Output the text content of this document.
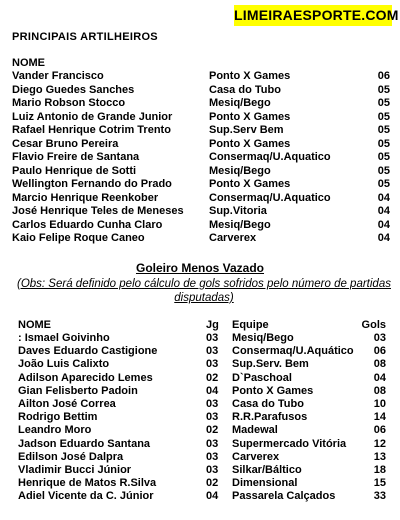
LIMEIRAESPORTE.COM
PRINCIPAIS ARTILHEIROS
NOME
Vander Francisco	Ponto X Games	06
Diego Guedes Sanches	Casa do Tubo	05
Mario Robson Stocco	Mesiq/Bego	05
Luiz Antonio de Grande Junior	Ponto X Games	05
Rafael Henrique Cotrim Trento	Sup.Serv Bem	05
Cesar Bruno Pereira	Ponto X Games	05
Flavio Freire de Santana	Consermaq/U.Aquatico	05
Paulo Henrique de Sotti	Mesiq/Bego	05
Wellington Fernando do Prado	Ponto X Games	05
Marcio Henrique Reenkober	Consermaq/U.Aquatico	04
José Henrique Teles de Meneses Sup.Vitoria	04
Carlos Eduardo Cunha Claro	Mesiq/Bego	04
Kaio Felipe Roque Caneo	Carverex	04
Goleiro Menos Vazado
(Obs: Será definido pelo cálculo de gols sofridos pelo número de partidas disputadas)
NOME	Jg Equipe	Gols
: Ismael Goivinho	03 Mesiq/Bego	03
Daves Eduardo Castigione	03 Consermaq/U.Aquático 06
João Luis Calixto	03 Sup.Serv. Bem	08
Adilson Aparecido Lemes	02 D`Paschoal	04
Gian Felisberto Padoin	04 Ponto X Games	08
Ailton José Correa	03 Casa do Tubo	10
Rodrigo Bettim	03 R.R.Parafusos	14
Leandro Moro	02 Madewal	06
Jadson Eduardo Santana	03 Supermercado Vitória	12
Edilson José Dalpra	03 Carverex	13
Vladimir Bucci Júnior	03 Silkar/Báltico	18
Henrique de Matos R.Silva	02 Dimensional	15
Adiel Vicente da C. Júnior	04 Passarela Calçados	33
